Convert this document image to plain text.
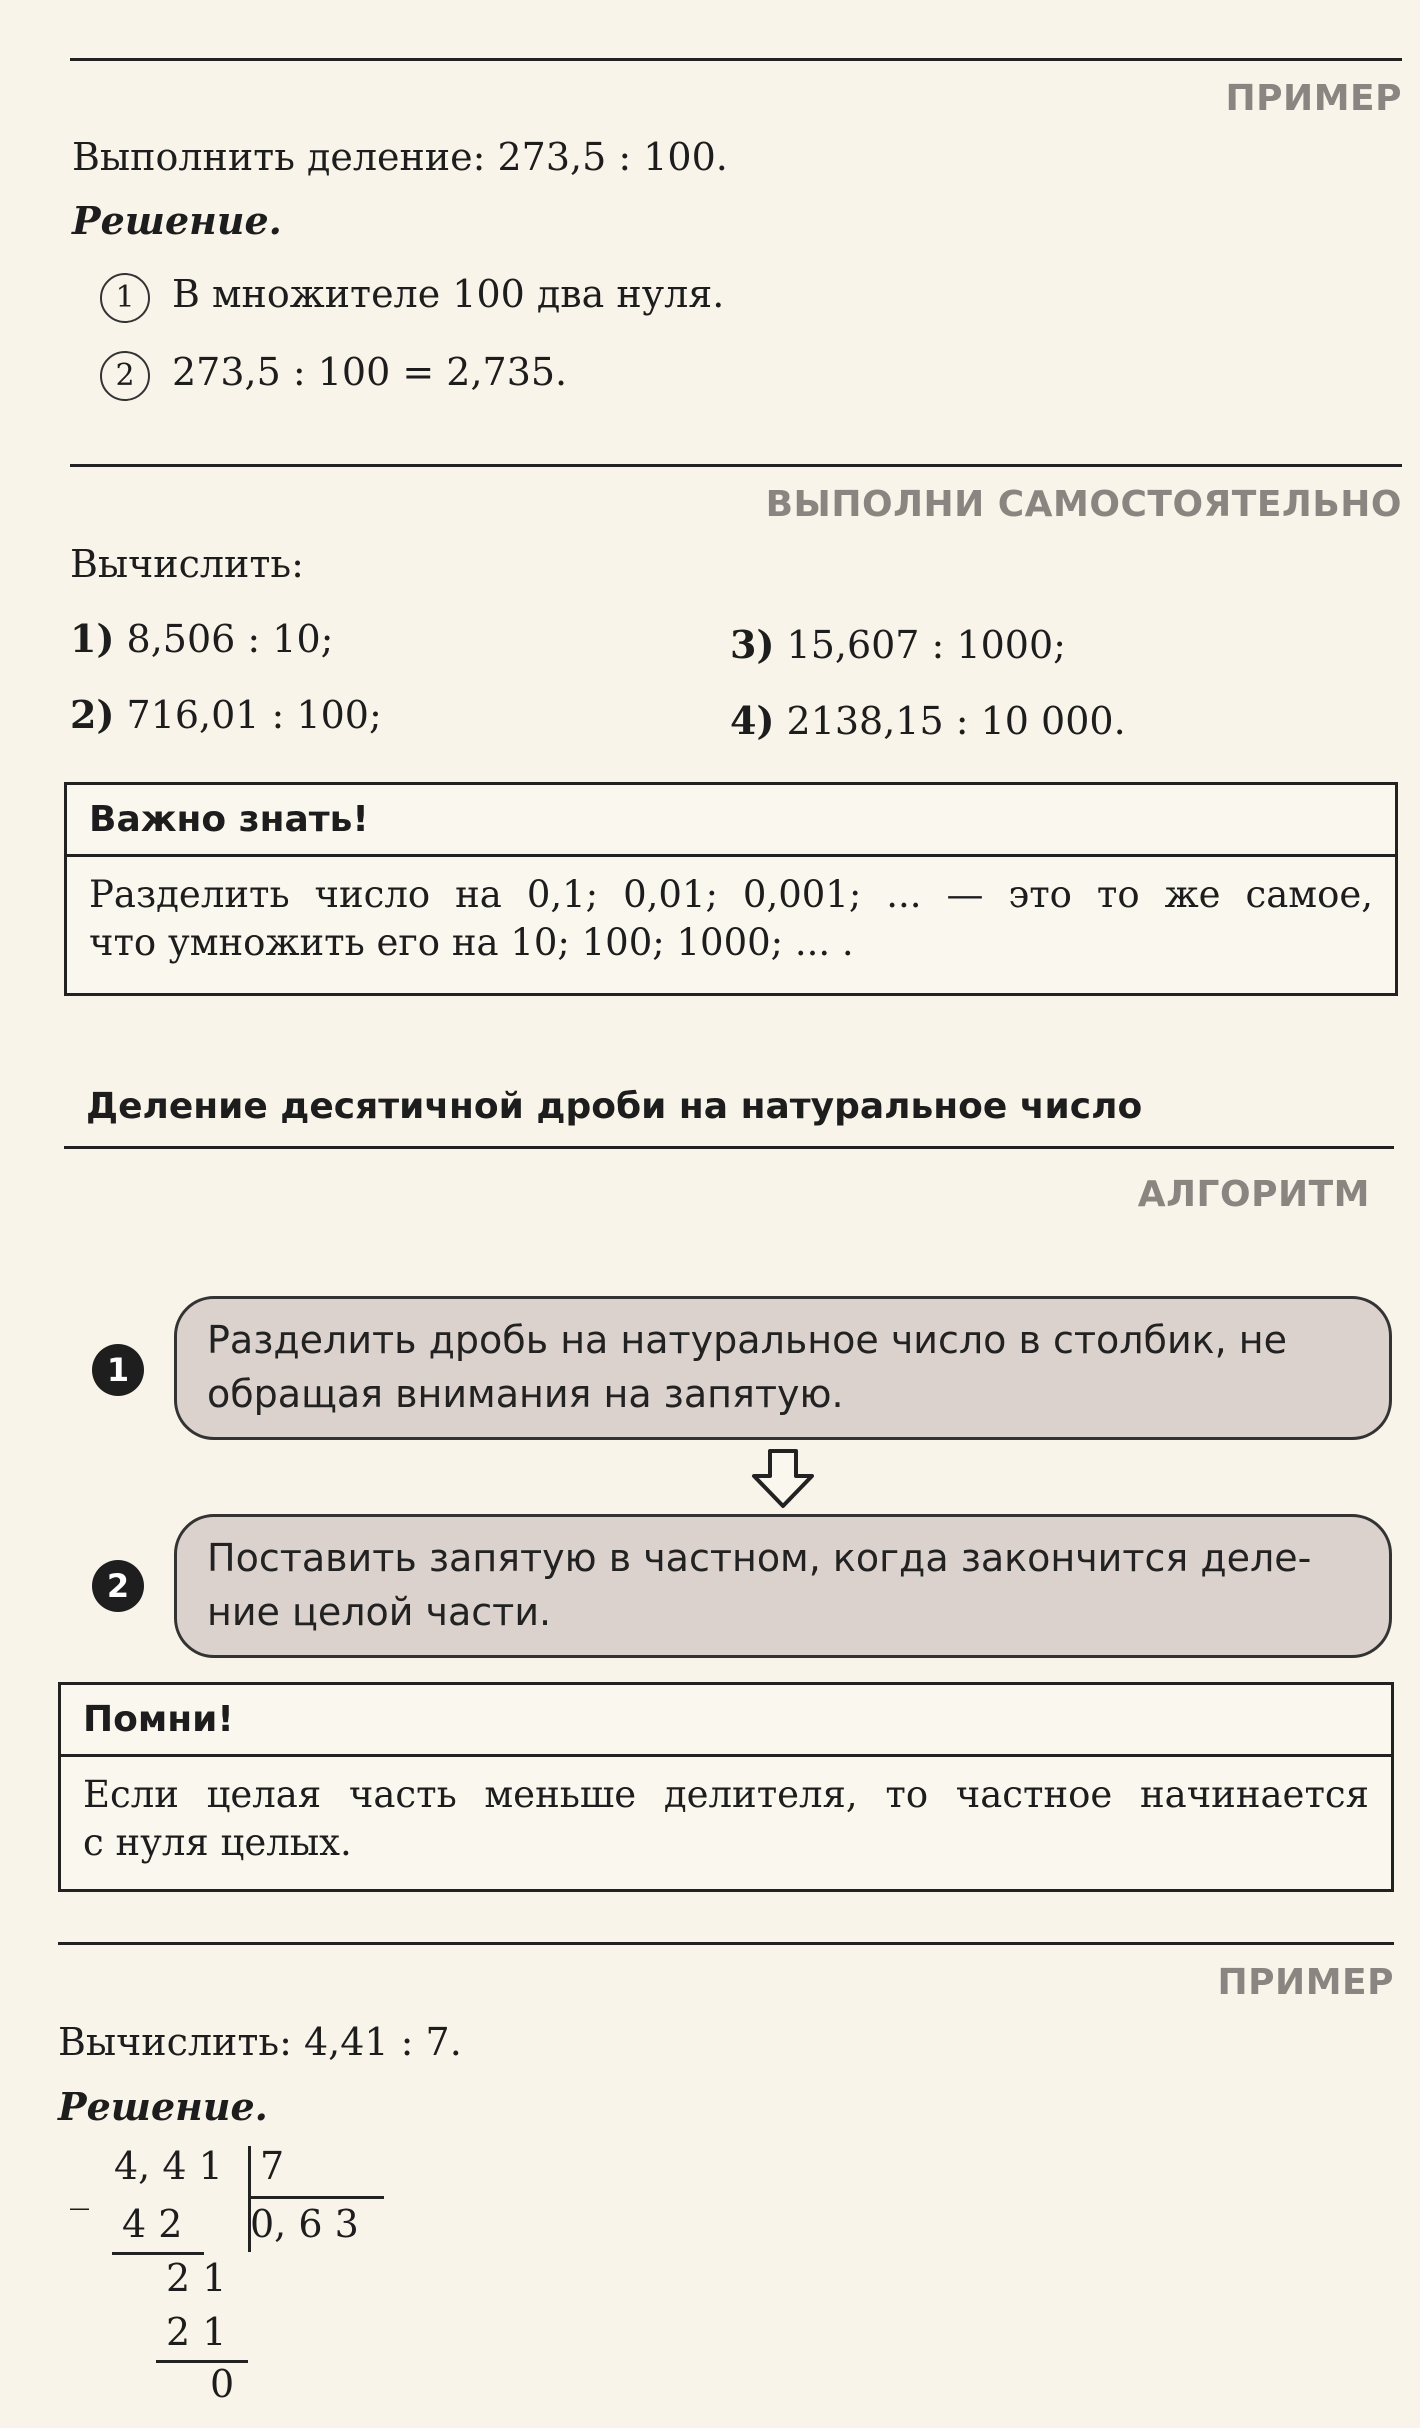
ПРИМЕР
Выполнить деление: 273,5 : 100.
Решение.
1 В множителе 100 два нуля.
2 273,5 : 100 = 2,735.
ВЫПОЛНИ САМОСТОЯТЕЛЬНО
Вычислить:
1) 8,506 : 10;
2) 716,01 : 100;
3) 15,607 : 1000;
4) 2138,15 : 10 000.
Важно знать!
Разделить число на 0,1; 0,01; 0,001; ... — это то же самое,
что умножить его на 10; 100; 1000; ... .
Деление десятичной дроби на натуральное число
АЛГОРИТМ
1
Разделить дробь на натуральное число в столбик, не
обращая внимания на запятую.
2
Поставить запятую в частном, когда закончится деле-
ние целой части.
Помни!
Если целая часть меньше делителя, то частное начинается
с нуля целых.
ПРИМЕР
Вычислить: 4,41 : 7.
Решение.
_ 4, 4 1 7
4 2 0, 6 3
2 1
2 1
0
